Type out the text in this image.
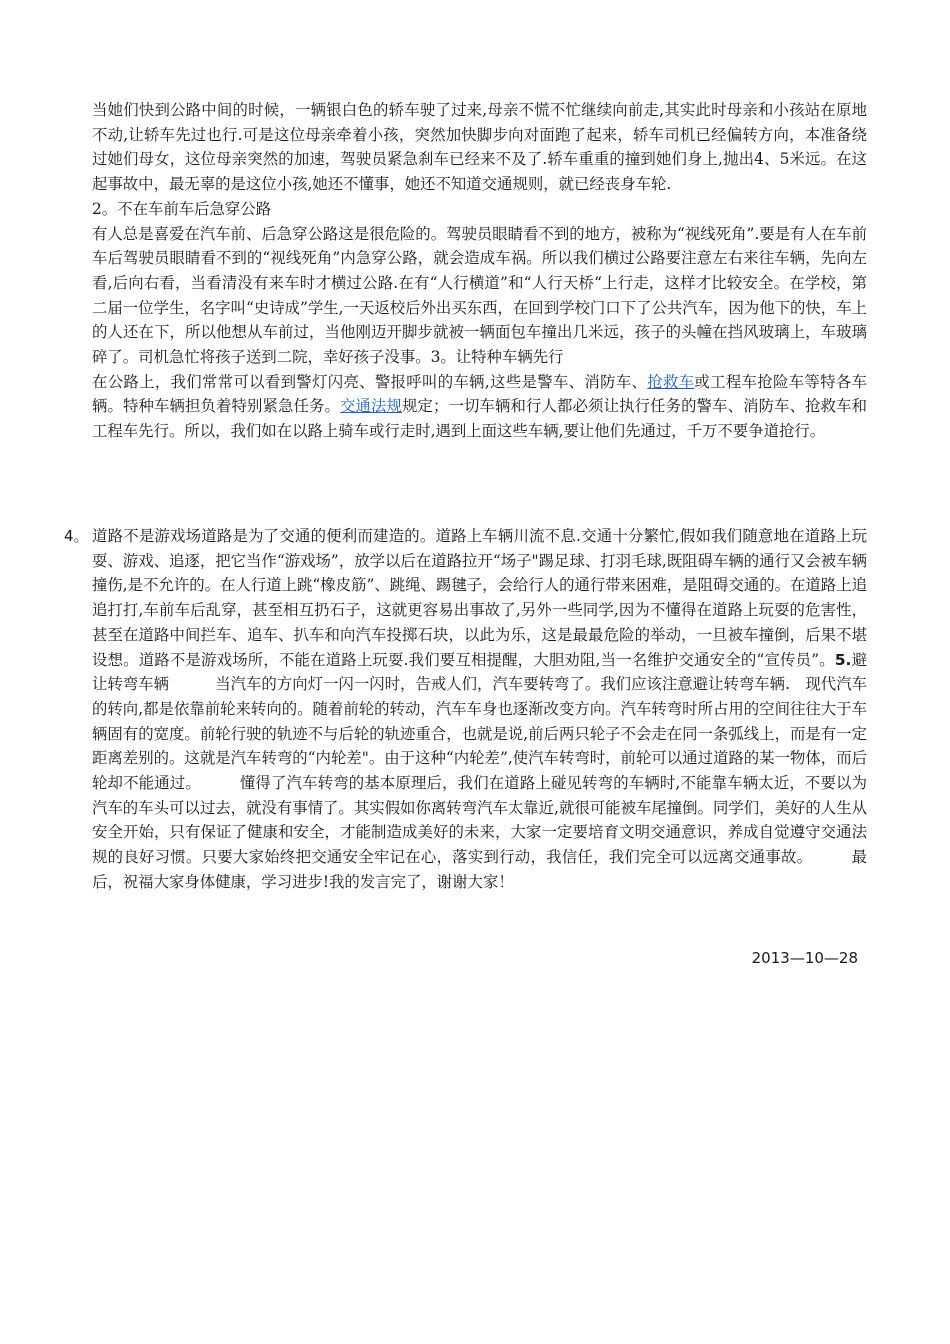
当她们快到公路中间的时候，一辆银白色的轿车驶了过来,母亲不慌不忙继续向前走,其实此时母亲和小孩站在原地不动,让轿车先过也行.可是这位母亲牵着小孩，突然加快脚步向对面跑了起来，轿车司机已经偏转方向，本准备绕过她们母女，这位母亲突然的加速，驾驶员紧急刹车已经来不及了.轿车重重的撞到她们身上,抛出4、5米远。在这起事故中，最无辜的是这位小孩,她还不懂事，她还不知道交通规则，就已经丧身车轮.
2。不在车前车后急穿公路
有人总是喜爱在汽车前、后急穿公路这是很危险的。驾驶员眼睛看不到的地方，被称为“视线死角”.要是有人在车前车后驾驶员眼睛看不到的“视线死角”内急穿公路，就会造成车祸。所以我们横过公路要注意左右来往车辆，先向左看,后向右看，当看清没有来车时才横过公路.在有“人行横道”和“人行天桥“上行走，这样才比较安全。在学校，第二届一位学生，名字叫“史诗成”学生,一天返校后外出买东西，在回到学校门口下了公共汽车，因为他下的快，车上的人还在下，所以他想从车前过，当他刚迈开脚步就被一辆面包车撞出几米远，孩子的头幢在挡风玻璃上，车玻璃碎了。司机急忙将孩子送到二院，幸好孩子没事。3。让特种车辆先行
在公路上，我们常常可以看到警灯闪亮、警报呼叫的车辆,这些是警车、消防车、抢救车或工程车抢险车等特各车辆。特种车辆担负着特别紧急任务。交通法规规定；一切车辆和行人都必须让执行任务的警车、消防车、抢救车和工程车先行。所以，我们如在以路上骑车或行走时,遇到上面这些车辆,要让他们先通过，千万不要争道抢行。

4。 道路不是游戏场道路是为了交通的便利而建造的。道路上车辆川流不息.交通十分繁忙,假如我们随意地在道路上玩耍、游戏、追逐，把它当作“游戏场”，放学以后在道路拉开“场子"踢足球、打羽毛球,既阻碍车辆的通行又会被车辆撞伤,是不允许的。在人行道上跳“橡皮筋”、跳绳、踢毽子，会给行人的通行带来困难，是阻碍交通的。在道路上追追打打,车前车后乱穿，甚至相互扔石子，这就更容易出事故了,另外一些同学,因为不懂得在道路上玩耍的危害性，甚至在道路中间拦车、追车、扒车和向汽车投掷石块，以此为乐，这是最最危险的举动，一旦被车撞倒，后果不堪设想。道路不是游戏场所，不能在道路上玩耍.我们要互相提醒，大胆劝阻,当一名维护交通安全的“宣传员”。5.避让转弯车辆　　　当汽车的方向灯一闪一闪时，告戒人们，汽车要转弯了。我们应该注意避让转弯车辆.　现代汽车的转向,都是依靠前轮来转向的。随着前轮的转动，汽车车身也逐渐改变方向。汽车转弯时所占用的空间往往大于车辆固有的宽度。前轮行驶的轨迹不与后轮的轨迹重合，也就是说,前后两只轮子不会走在同一条弧线上，而是有一定距离差别的。这就是汽车转弯的“内轮差"。由于这种“内轮差”,使汽车转弯时，前轮可以通过道路的某一物体，而后轮却不能通过。　　　懂得了汽车转弯的基本原理后，我们在道路上碰见转弯的车辆时,不能靠车辆太近，不要以为汽车的车头可以过去，就没有事情了。其实假如你离转弯汽车太靠近,就很可能被车尾撞倒。同学们，美好的人生从安全开始，只有保证了健康和安全，才能制造成美好的未来，大家一定要培育文明交通意识，养成自觉遵守交通法规的良好习惯。只要大家始终把交通安全牢记在心，落实到行动，我信任，我们完全可以远离交通事故。　　　最后，祝福大家身体健康，学习进步!我的发言完了，谢谢大家！

2013—10—28
